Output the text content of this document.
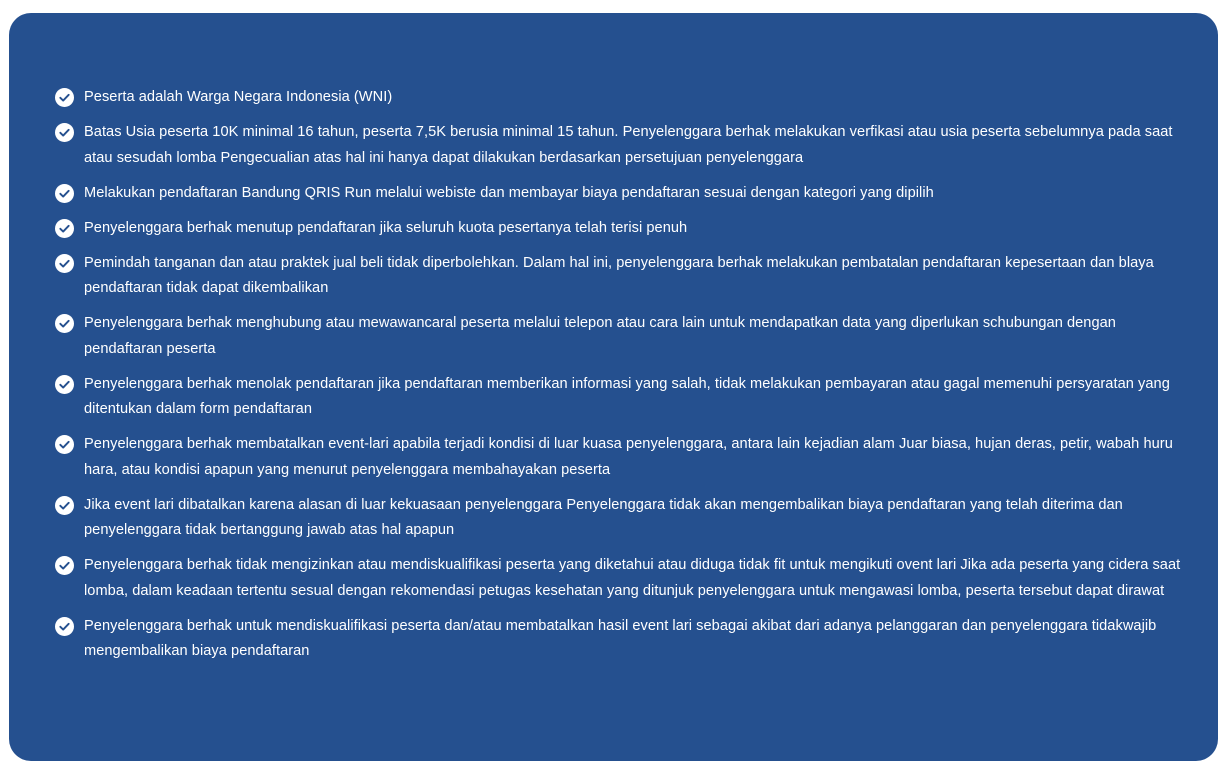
Peserta adalah Warga Negara Indonesia (WNI)
Batas Usia peserta 10K minimal 16 tahun, peserta 7,5K berusia minimal 15 tahun. Penyelenggara berhak melakukan verfikasi atau usia peserta sebelumnya pada saat atau sesudah lomba Pengecualian atas hal ini hanya dapat dilakukan berdasarkan persetujuan penyelenggara
Melakukan pendaftaran Bandung QRIS Run melalui webiste dan membayar biaya pendaftaran sesuai dengan kategori yang dipilih
Penyelenggara berhak menutup pendaftaran jika seluruh kuota pesertanya telah terisi penuh
Pemindah tanganan dan atau praktek jual beli tidak diperbolehkan. Dalam hal ini, penyelenggara berhak melakukan pembatalan pendaftaran kepesertaan dan blaya pendaftaran tidak dapat dikembalikan
Penyelenggara berhak menghubung atau mewawancaral peserta melalui telepon atau cara lain untuk mendapatkan data yang diperlukan schubungan dengan pendaftaran peserta
Penyelenggara berhak menolak pendaftaran jika pendaftaran memberikan informasi yang salah, tidak melakukan pembayaran atau gagal memenuhi persyaratan yang ditentukan dalam form pendaftaran
Penyelenggara berhak membatalkan event-lari apabila terjadi kondisi di luar kuasa penyelenggara, antara lain kejadian alam Juar biasa, hujan deras, petir, wabah huru hara, atau kondisi apapun yang menurut penyelenggara membahayakan peserta
Jika event lari dibatalkan karena alasan di luar kekuasaan penyelenggara Penyelenggara tidak akan mengembalikan biaya pendaftaran yang telah diterima dan penyelenggara tidak bertanggung jawab atas hal apapun
Penyelenggara berhak tidak mengizinkan atau mendiskualifikasi peserta yang diketahui atau diduga tidak fit untuk mengikuti ovent lari Jika ada peserta yang cidera saat lomba, dalam keadaan tertentu sesual dengan rekomendasi petugas kesehatan yang ditunjuk penyelenggara untuk mengawasi lomba, peserta tersebut dapat dirawat
Penyelenggara berhak untuk mendiskualifikasi peserta dan/atau membatalkan hasil event lari sebagai akibat dari adanya pelanggaran dan penyelenggara tidakwajib mengembalikan biaya pendaftaran
